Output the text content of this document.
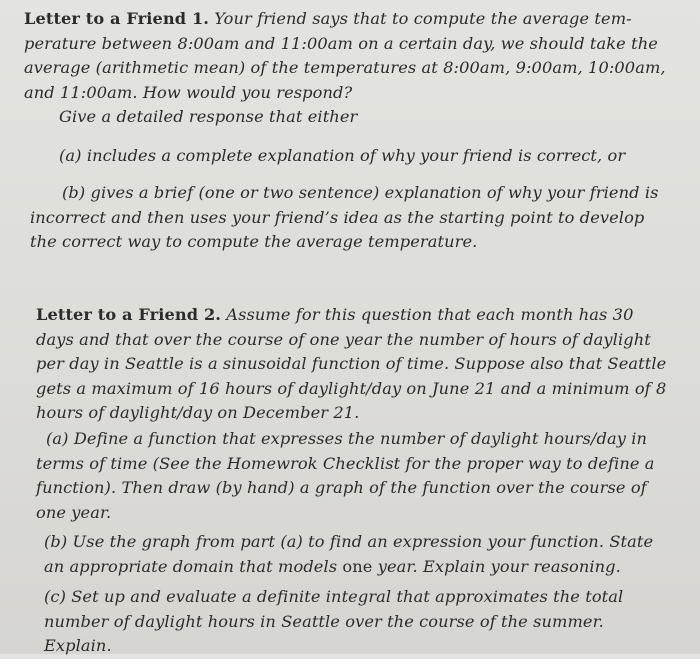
Letter to a Friend 1. Your friend says that to compute the average tem-perature between 8:00am and 11:00am on a certain day, we should take the average (arithmetic mean) of the temperatures at 8:00am, 9:00am, 10:00am, and 11:00am. How would you respond?

Give a detailed response that either

(a) includes a complete explanation of why your friend is correct, or

(b) gives a brief (one or two sentence) explanation of why your friend is incorrect and then uses your friend’s idea as the starting point to develop the correct way to compute the average temperature.

Letter to a Friend 2. Assume for this question that each month has 30 days and that over the course of one year the number of hours of daylight per day in Seattle is a sinusoidal function of time. Suppose also that Seattle gets a maximum of 16 hours of daylight/day on June 21 and a minimum of 8 hours of daylight/day on December 21.

(a) Define a function that expresses the number of daylight hours/day in terms of time (See the Homewrok Checklist for the proper way to define a function). Then draw (by hand) a graph of the function over the course of one year.

(b) Use the graph from part (a) to find an expression your function. State an appropriate domain that models one year. Explain your reasoning.

(c) Set up and evaluate a definite integral that approximates the total number of daylight hours in Seattle over the course of the summer. Explain.
